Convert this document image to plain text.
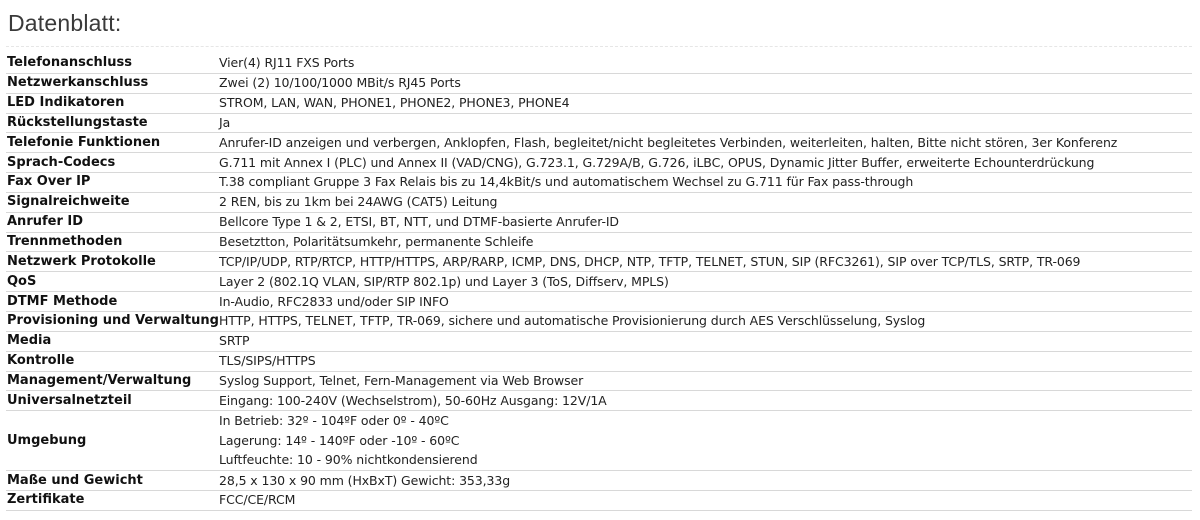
Datenblatt:
Telefonanschluss	Vier(4) RJ11 FXS Ports
Netzwerkanschluss	Zwei (2) 10/100/1000 MBit/s RJ45 Ports
LED Indikatoren	STROM, LAN, WAN, PHONE1, PHONE2, PHONE3, PHONE4
Rückstellungstaste	Ja
Telefonie Funktionen	Anrufer-ID anzeigen und verbergen, Anklopfen, Flash, begleitet/nicht begleitetes Verbinden, weiterleiten, halten, Bitte nicht stören, 3er Konferenz
Sprach-Codecs	G.711 mit Annex I (PLC) und Annex II (VAD/CNG), G.723.1, G.729A/B, G.726, iLBC, OPUS, Dynamic Jitter Buffer, erweiterte Echounterdrückung
Fax Over IP	T.38 compliant Gruppe 3 Fax Relais bis zu 14,4kBit/s und automatischem Wechsel zu G.711 für Fax pass-through
Signalreichweite	2 REN, bis zu 1km bei 24AWG (CAT5) Leitung
Anrufer ID	Bellcore Type 1 & 2, ETSI, BT, NTT, und DTMF-basierte Anrufer-ID
Trennmethoden	Besetztton, Polaritätsumkehr, permanente Schleife
Netzwerk Protokolle	TCP/IP/UDP, RTP/RTCP, HTTP/HTTPS, ARP/RARP, ICMP, DNS, DHCP, NTP, TFTP, TELNET, STUN, SIP (RFC3261), SIP over TCP/TLS, SRTP, TR-069
QoS	Layer 2 (802.1Q VLAN, SIP/RTP 802.1p) und Layer 3 (ToS, Diffserv, MPLS)
DTMF Methode	In-Audio, RFC2833 und/oder SIP INFO
Provisioning und Verwaltung	HTTP, HTTPS, TELNET, TFTP, TR-069, sichere und automatische Provisionierung durch AES Verschlüsselung, Syslog
Media	SRTP
Kontrolle	TLS/SIPS/HTTPS
Management/Verwaltung	Syslog Support, Telnet, Fern-Management via Web Browser
Universalnetzteil	Eingang: 100-240V (Wechselstrom), 50-60Hz Ausgang: 12V/1A
Umgebung	In Betrieb: 32º - 104ºF oder 0º - 40ºC
Lagerung: 14º - 140ºF oder -10º - 60ºC
Luftfeuchte: 10 - 90% nichtkondensierend

Maße und Gewicht	28,5 x 130 x 90 mm (HxBxT) Gewicht: 353,33g
Zertifikate	FCC/CE/RCM
